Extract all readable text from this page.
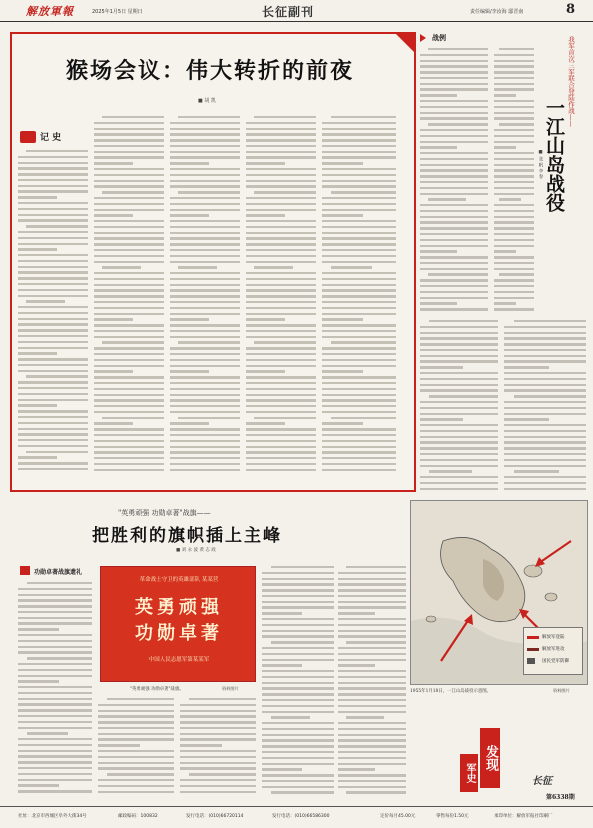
解放軍報	2025年1月5日 星期日	长征副刊	责任编辑/李汝海 邸晋南	8
猴场会议：伟大转折的前夜
■ 胡 凯
记 史
战例	我军首次三军联合登陆作战——
一江山岛战役
■ 张 帆 李 春
解放军登陆
解放军进攻
国民党军防御
1955年1月18日，一江山岛战役示意图。	资料图片
"英勇顽强 功勋卓著"战旗——
把胜利的旗帜插上主峰
■ 刘 永 波 黄 志 政
功勋卓著战旗遗礼
革命战士守卫的英雄部队 某某营
英勇顽强
功勋卓著
中国人民志愿军第某某军
"英勇顽强 功勋卓著"战旗。	资料图片
军史
发现
长征
第6338期
社址：北京市西城区阜外大街34号	邮政编码：100832	发行电话：(010)66720114	发行电话：(010)66586300	定价每月45.00元	零售每份1.50元	承印单位：解放军报社印刷厂
